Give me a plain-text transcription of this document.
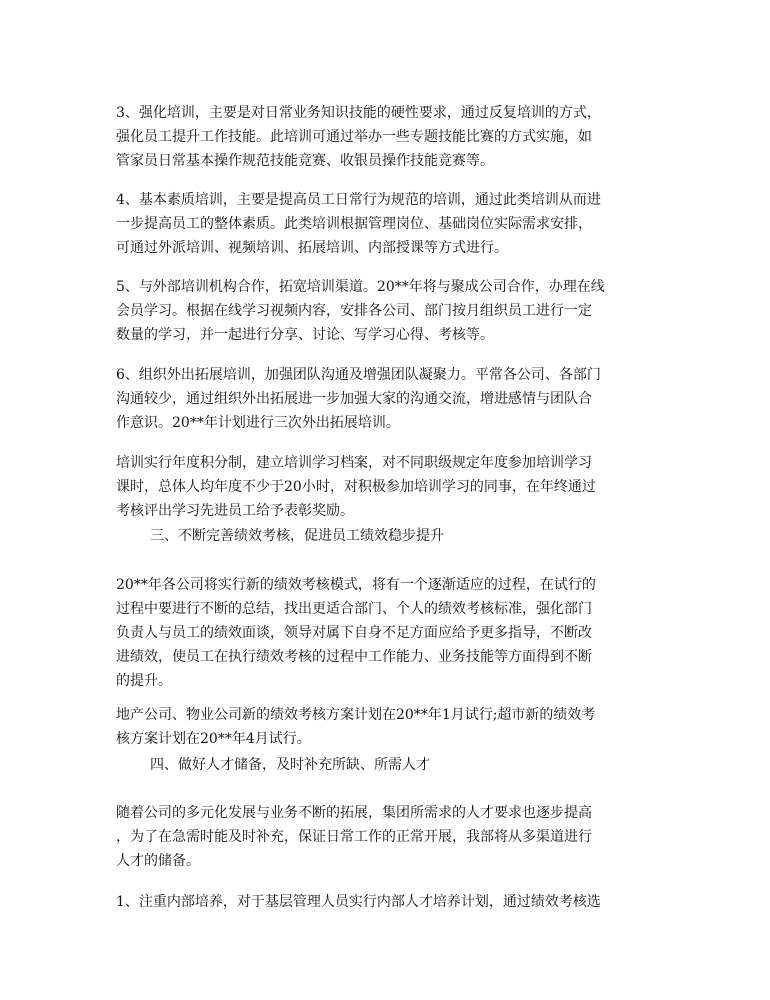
3、强化培训，主要是对日常业务知识技能的硬性要求，通过反复培训的方式，
强化员工提升工作技能。此培训可通过举办一些专题技能比赛的方式实施，如
管家员日常基本操作规范技能竞赛、收银员操作技能竞赛等。

4、基本素质培训，主要是提高员工日常行为规范的培训，通过此类培训从而进
一步提高员工的整体素质。此类培训根据管理岗位、基础岗位实际需求安排，
可通过外派培训、视频培训、拓展培训、内部授课等方式进行。

5、与外部培训机构合作，拓宽培训渠道。20**年将与聚成公司合作，办理在线
会员学习。根据在线学习视频内容，安排各公司、部门按月组织员工进行一定
数量的学习，并一起进行分享、讨论、写学习心得、考核等。

6、组织外出拓展培训，加强团队沟通及增强团队凝聚力。平常各公司、各部门
沟通较少，通过组织外出拓展进一步加强大家的沟通交流，增进感情与团队合
作意识。20**年计划进行三次外出拓展培训。

培训实行年度积分制，建立培训学习档案，对不同职级规定年度参加培训学习
课时，总体人均年度不少于20小时，对积极参加培训学习的同事，在年终通过
考核评出学习先进员工给予表彰奖励。

三、不断完善绩效考核，促进员工绩效稳步提升

20**年各公司将实行新的绩效考核模式，将有一个逐渐适应的过程，在试行的
过程中要进行不断的总结，找出更适合部门、个人的绩效考核标准，强化部门
负责人与员工的绩效面谈，领导对属下自身不足方面应给予更多指导，不断改
进绩效，使员工在执行绩效考核的过程中工作能力、业务技能等方面得到不断
的提升。

地产公司、物业公司新的绩效考核方案计划在20**年1月试行;超市新的绩效考
核方案计划在20**年4月试行。

四、做好人才储备，及时补充所缺、所需人才

随着公司的多元化发展与业务不断的拓展，集团所需求的人才要求也逐步提高
，为了在急需时能及时补充，保证日常工作的正常开展，我部将从多渠道进行
人才的储备。

1、注重内部培养，对于基层管理人员实行内部人才培养计划，通过绩效考核选
